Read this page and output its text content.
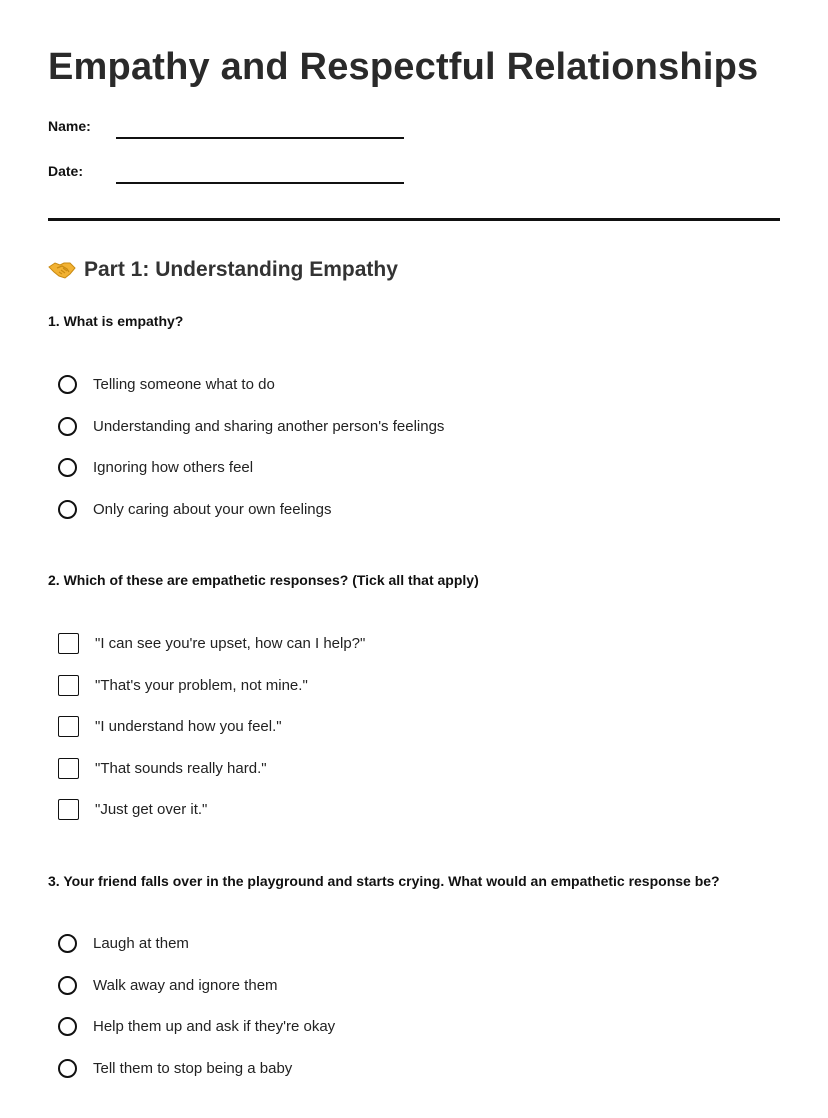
Empathy and Respectful Relationships
Name:
Date:
Part 1: Understanding Empathy

1. What is empathy?

Telling someone what to do
Understanding and sharing another person's feelings
Ignoring how others feel
Only caring about your own feelings

2. Which of these are empathetic responses? (Tick all that apply)

"I can see you're upset, how can I help?"
"That's your problem, not mine."
"I understand how you feel."
"That sounds really hard."
"Just get over it."

3. Your friend falls over in the playground and starts crying. What would an empathetic response be?

Laugh at them
Walk away and ignore them
Help them up and ask if they're okay
Tell them to stop being a baby
